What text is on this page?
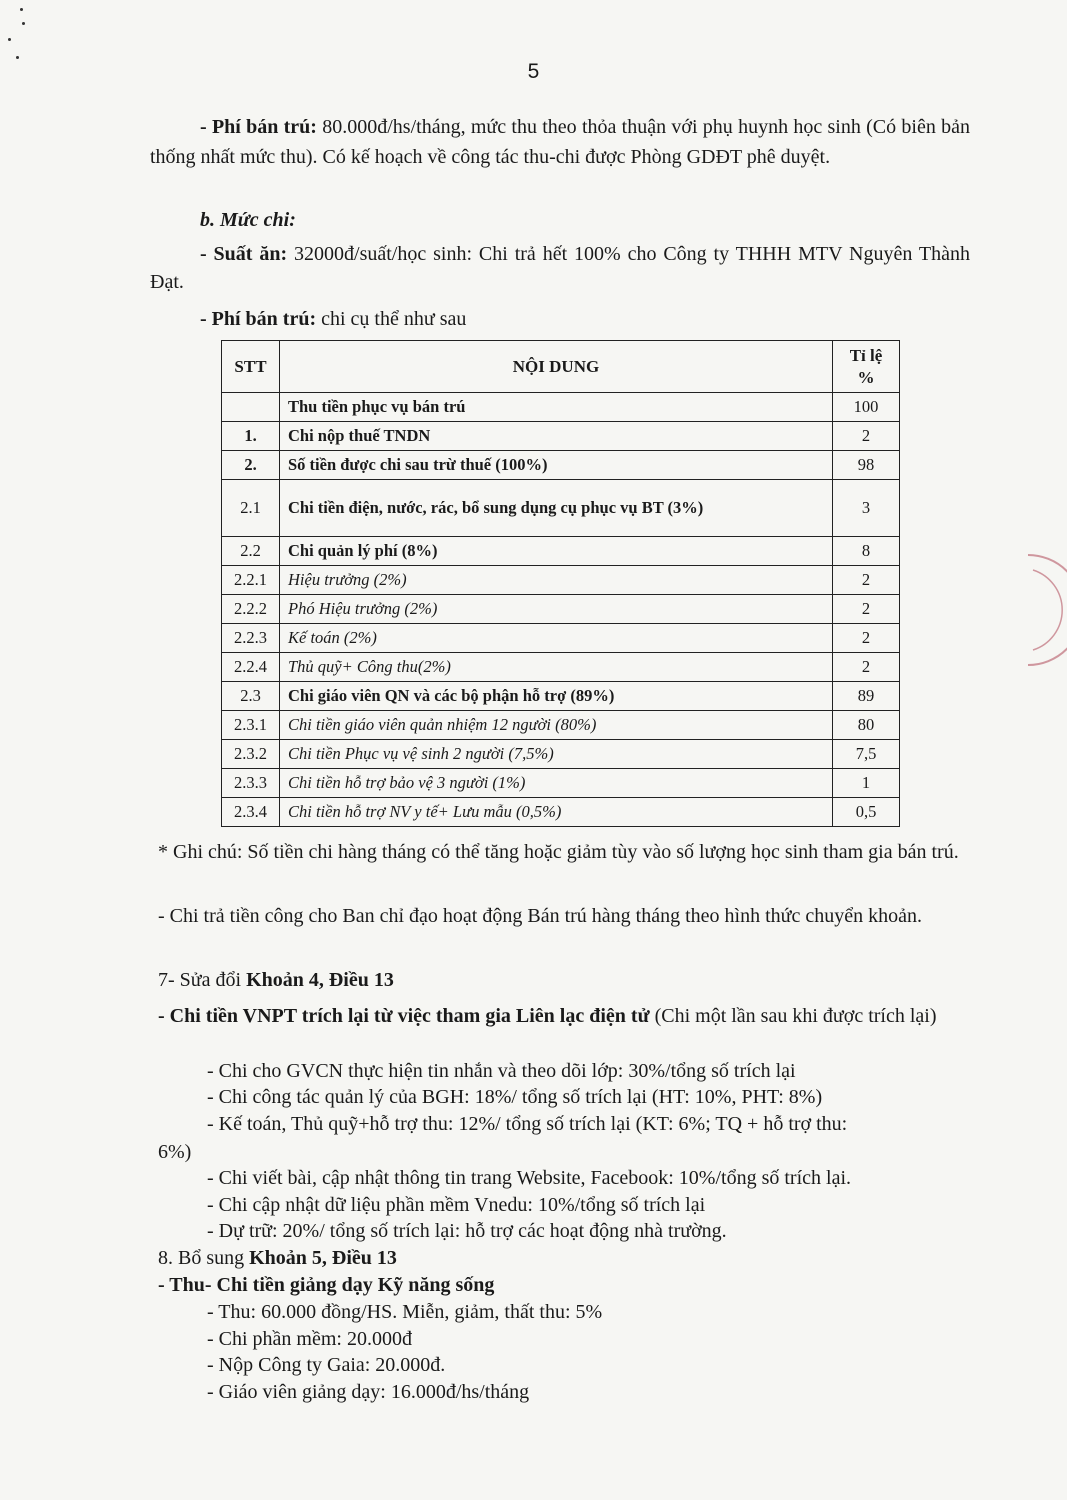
5

- Phí bán trú: 80.000đ/hs/tháng, mức thu theo thỏa thuận với phụ huynh học sinh (Có biên bản thống nhất mức thu). Có kế hoạch về công tác thu-chi được Phòng GDĐT phê duyệt.

b. Mức chi:

- Suất ăn: 32000đ/suất/học sinh: Chi trả hết 100% cho Công ty THHH MTV Nguyên Thành Đạt.

- Phí bán trú: chi cụ thể như sau

STT	NỘI DUNG	Tỉ lệ %
	Thu tiền phục vụ bán trú	100
1.	Chi nộp thuế TNDN	2
2.	Số tiền được chi sau trừ thuế (100%)	98
2.1	Chi tiền điện, nước, rác, bổ sung dụng cụ phục vụ BT (3%)	3
2.2	Chi quản lý phí (8%)	8
2.2.1	Hiệu trưởng (2%)	2
2.2.2	Phó Hiệu trưởng (2%)	2
2.2.3	Kế toán (2%)	2
2.2.4	Thủ quỹ+ Công thu(2%)	2
2.3	Chi giáo viên QN và các bộ phận hỗ trợ (89%)	89
2.3.1	Chi tiền giáo viên quản nhiệm 12 người (80%)	80
2.3.2	Chi tiền Phục vụ vệ sinh 2 người (7,5%)	7,5
2.3.3	Chi tiền hỗ trợ bảo vệ 3 người (1%)	1
2.3.4	Chi tiền hỗ trợ NV y tế+ Lưu mẫu (0,5%)	0,5

* Ghi chú: Số tiền chi hàng tháng có thể tăng hoặc giảm tùy vào số lượng học sinh tham gia bán trú.

- Chi trả tiền công cho Ban chỉ đạo hoạt động Bán trú hàng tháng theo hình thức chuyển khoản.

7- Sửa đổi Khoản 4, Điều 13

- Chi tiền VNPT trích lại từ việc tham gia Liên lạc điện tử (Chi một lần sau khi được trích lại)

- Chi cho GVCN thực hiện tin nhắn và theo dõi lớp: 30%/tổng số trích lại

- Chi công tác quản lý của BGH: 18%/ tổng số trích lại (HT: 10%, PHT: 8%)

- Kế toán, Thủ quỹ+hỗ trợ thu: 12%/ tổng số trích lại (KT: 6%; TQ + hỗ trợ thu:

6%)

- Chi viết bài, cập nhật thông tin trang Website, Facebook: 10%/tổng số trích lại.

- Chi cập nhật dữ liệu phần mềm Vnedu: 10%/tổng số trích lại

- Dự trữ: 20%/ tổng số trích lại: hỗ trợ các hoạt động nhà trường.

8. Bổ sung Khoản 5, Điều 13

- Thu- Chi tiền giảng dạy Kỹ năng sống

- Thu: 60.000 đồng/HS. Miễn, giảm, thất thu: 5%

- Chi phần mềm: 20.000đ

- Nộp Công ty Gaia: 20.000đ.

- Giáo viên giảng dạy: 16.000đ/hs/tháng
